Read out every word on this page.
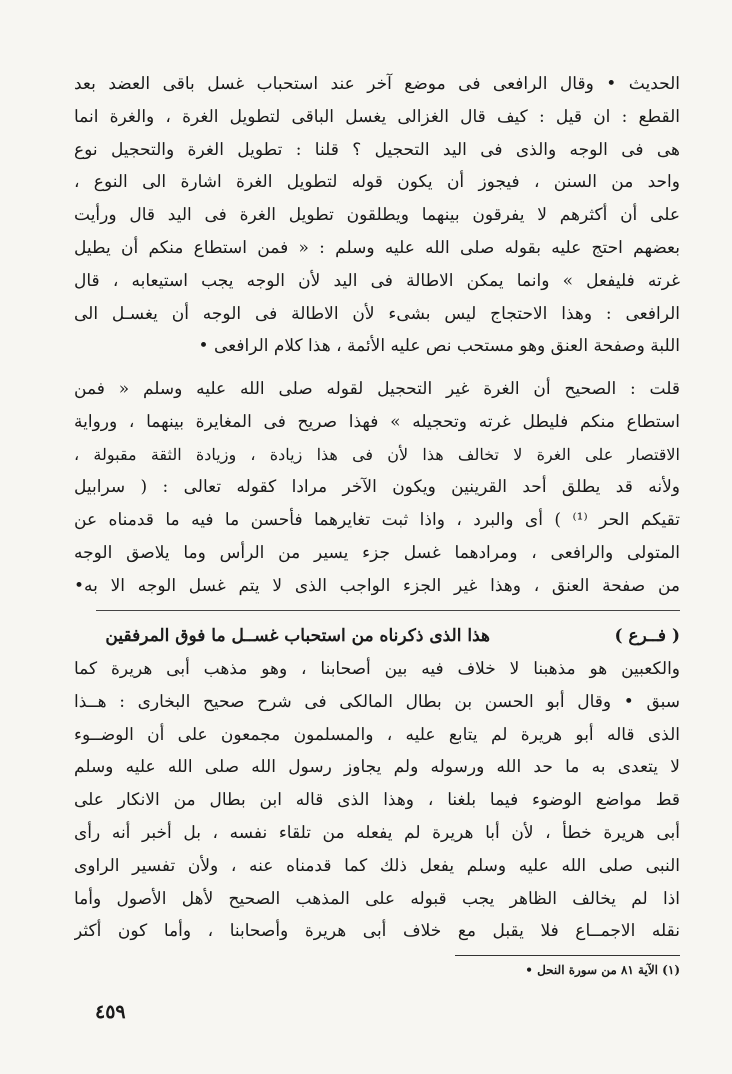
الحديث • وقال الرافعى فى موضع آخر عند استحباب غسل باقى العضد بعد
القطع : ان قيل : كيف قال الغزالى يغسل الباقى لتطويل الغرة ، والغرة انما
هى فى الوجه والذى فى اليد التحجيل ؟ قلنا : تطويل الغرة والتحجيل نوع
واحد من السنن ، فيجوز أن يكون قوله لتطويل الغرة اشارة الى النوع ،
على أن أكثرهم لا يفرقون بينهما ويطلقون تطويل الغرة فى اليد قال ورأيت
بعضهم احتج عليه بقوله صلى الله عليه وسلم : « فمن استطاع منكم أن يطيل
غرته فليفعل » وانما يمكن الاطالة فى اليد لأن الوجه يجب استيعابه ، قال
الرافعى : وهذا الاحتجاج ليس بشىء لأن الاطالة فى الوجه أن يغسـل الى
اللبة وصفحة العنق وهو مستحب نص عليه الأئمة ، هذا كلام الرافعى •
قلت : الصحيح أن الغرة غير التحجيل لقوله صلى الله عليه وسلم « فمن
استطاع منكم فليطل غرته وتحجيله » فهذا صريح فى المغايرة بينهما ، ورواية
الاقتصار على الغرة لا تخالف هذا لأن فى هذا زيادة ، وزيادة الثقة مقبولة ،
ولأنه قد يطلق أحد القرينين ويكون الآخر مرادا كقوله تعالى : ( سرابيل
تقيكم الحر ⁽¹⁾ ) أى والبرد ، واذا ثبت تغايرهما فأحسن ما فيه ما قدمناه عن
المتولى والرافعى ، ومرادهما غسل جزء يسير من الرأس وما يلاصق الوجه
من صفحة العنق ، وهذا غير الجزء الواجب الذى لا يتم غسل الوجه الا به•
( فــرع )
هذا الذى ذكرناه من استحباب غســل ما فوق المرفقين
والكعبين هو مذهبنا لا خلاف فيه بين أصحابنا ، وهو مذهب أبى هريرة كما
سبق • وقال أبو الحسن بن بطال المالكى فى شرح صحيح البخارى : هــذا
الذى قاله أبو هريرة لم يتابع عليه ، والمسلمون مجمعون على أن الوضــوء
لا يتعدى به ما حد الله ورسوله ولم يجاوز رسول الله صلى الله عليه وسلم
قط مواضع الوضوء فيما بلغنا ، وهذا الذى قاله ابن بطال من الانكار على
أبى هريرة خطأ ، لأن أبا هريرة لم يفعله من تلقاء نفسه ، بل أخبر أنه رأى
النبى صلى الله عليه وسلم يفعل ذلك كما قدمناه عنه ، ولأن تفسير الراوى
اذا لم يخالف الظاهر يجب قبوله على المذهب الصحيح لأهل الأصول وأما
نقله الاجمــاع فلا يقبل مع خلاف أبى هريرة وأصحابنا ، وأما كون أكثر
(١) الآية ٨١ من سورة النحل •
٤٥٩
